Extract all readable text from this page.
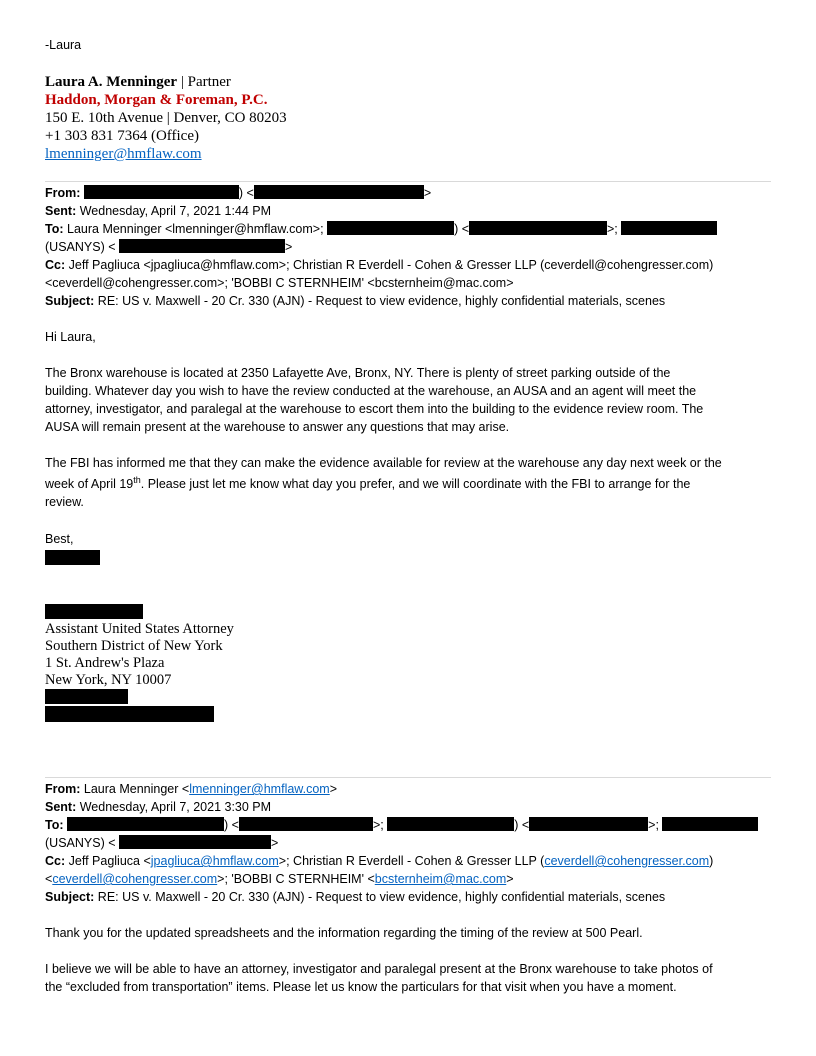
-Laura
Laura A. Menninger | Partner
Haddon, Morgan & Foreman, P.C.
150 E. 10th Avenue | Denver, CO 80203
+1 303 831 7364 (Office)
lmenninger@hmflaw.com
From:	) <	>
Sent: Wednesday, April 7, 2021 1:44 PM
To: Laura Menninger <lmenninger@hmflaw.com>;	) <	>;
(USANYS) <	>
Cc: Jeff Pagliuca <jpagliuca@hmflaw.com>; Christian R Everdell - Cohen & Gresser LLP (ceverdell@cohengresser.com)
<ceverdell@cohengresser.com>; 'BOBBI C STERNHEIM' <bcsternheim@mac.com>
Subject: RE: US v. Maxwell - 20 Cr. 330 (AJN) - Request to view evidence, highly confidential materials, scenes
Hi Laura,
The Bronx warehouse is located at 2350 Lafayette Ave, Bronx, NY. There is plenty of street parking outside of the
building. Whatever day you wish to have the review conducted at the warehouse, an AUSA and an agent will meet the
attorney, investigator, and paralegal at the warehouse to escort them into the building to the evidence review room. The
AUSA will remain present at the warehouse to answer any questions that may arise.
The FBI has informed me that they can make the evidence available for review at the warehouse any day next week or the
week of April 19th. Please just let me know what day you prefer, and we will coordinate with the FBI to arrange for the
review.
Best,
Assistant United States Attorney
Southern District of New York
1 St. Andrew's Plaza
New York, NY 10007
From: Laura Menninger <lmenninger@hmflaw.com>
Sent: Wednesday, April 7, 2021 3:30 PM
To:	) <	>;	) <	>;
(USANYS) <	>
Cc: Jeff Pagliuca <jpagliuca@hmflaw.com>; Christian R Everdell - Cohen & Gresser LLP (ceverdell@cohengresser.com)
<ceverdell@cohengresser.com>; 'BOBBI C STERNHEIM' <bcsternheim@mac.com>
Subject: RE: US v. Maxwell - 20 Cr. 330 (AJN) - Request to view evidence, highly confidential materials, scenes
Thank you for the updated spreadsheets and the information regarding the timing of the review at 500 Pearl.
I believe we will be able to have an attorney, investigator and paralegal present at the Bronx warehouse to take photos of
the “excluded from transportation” items. Please let us know the particulars for that visit when you have a moment.
